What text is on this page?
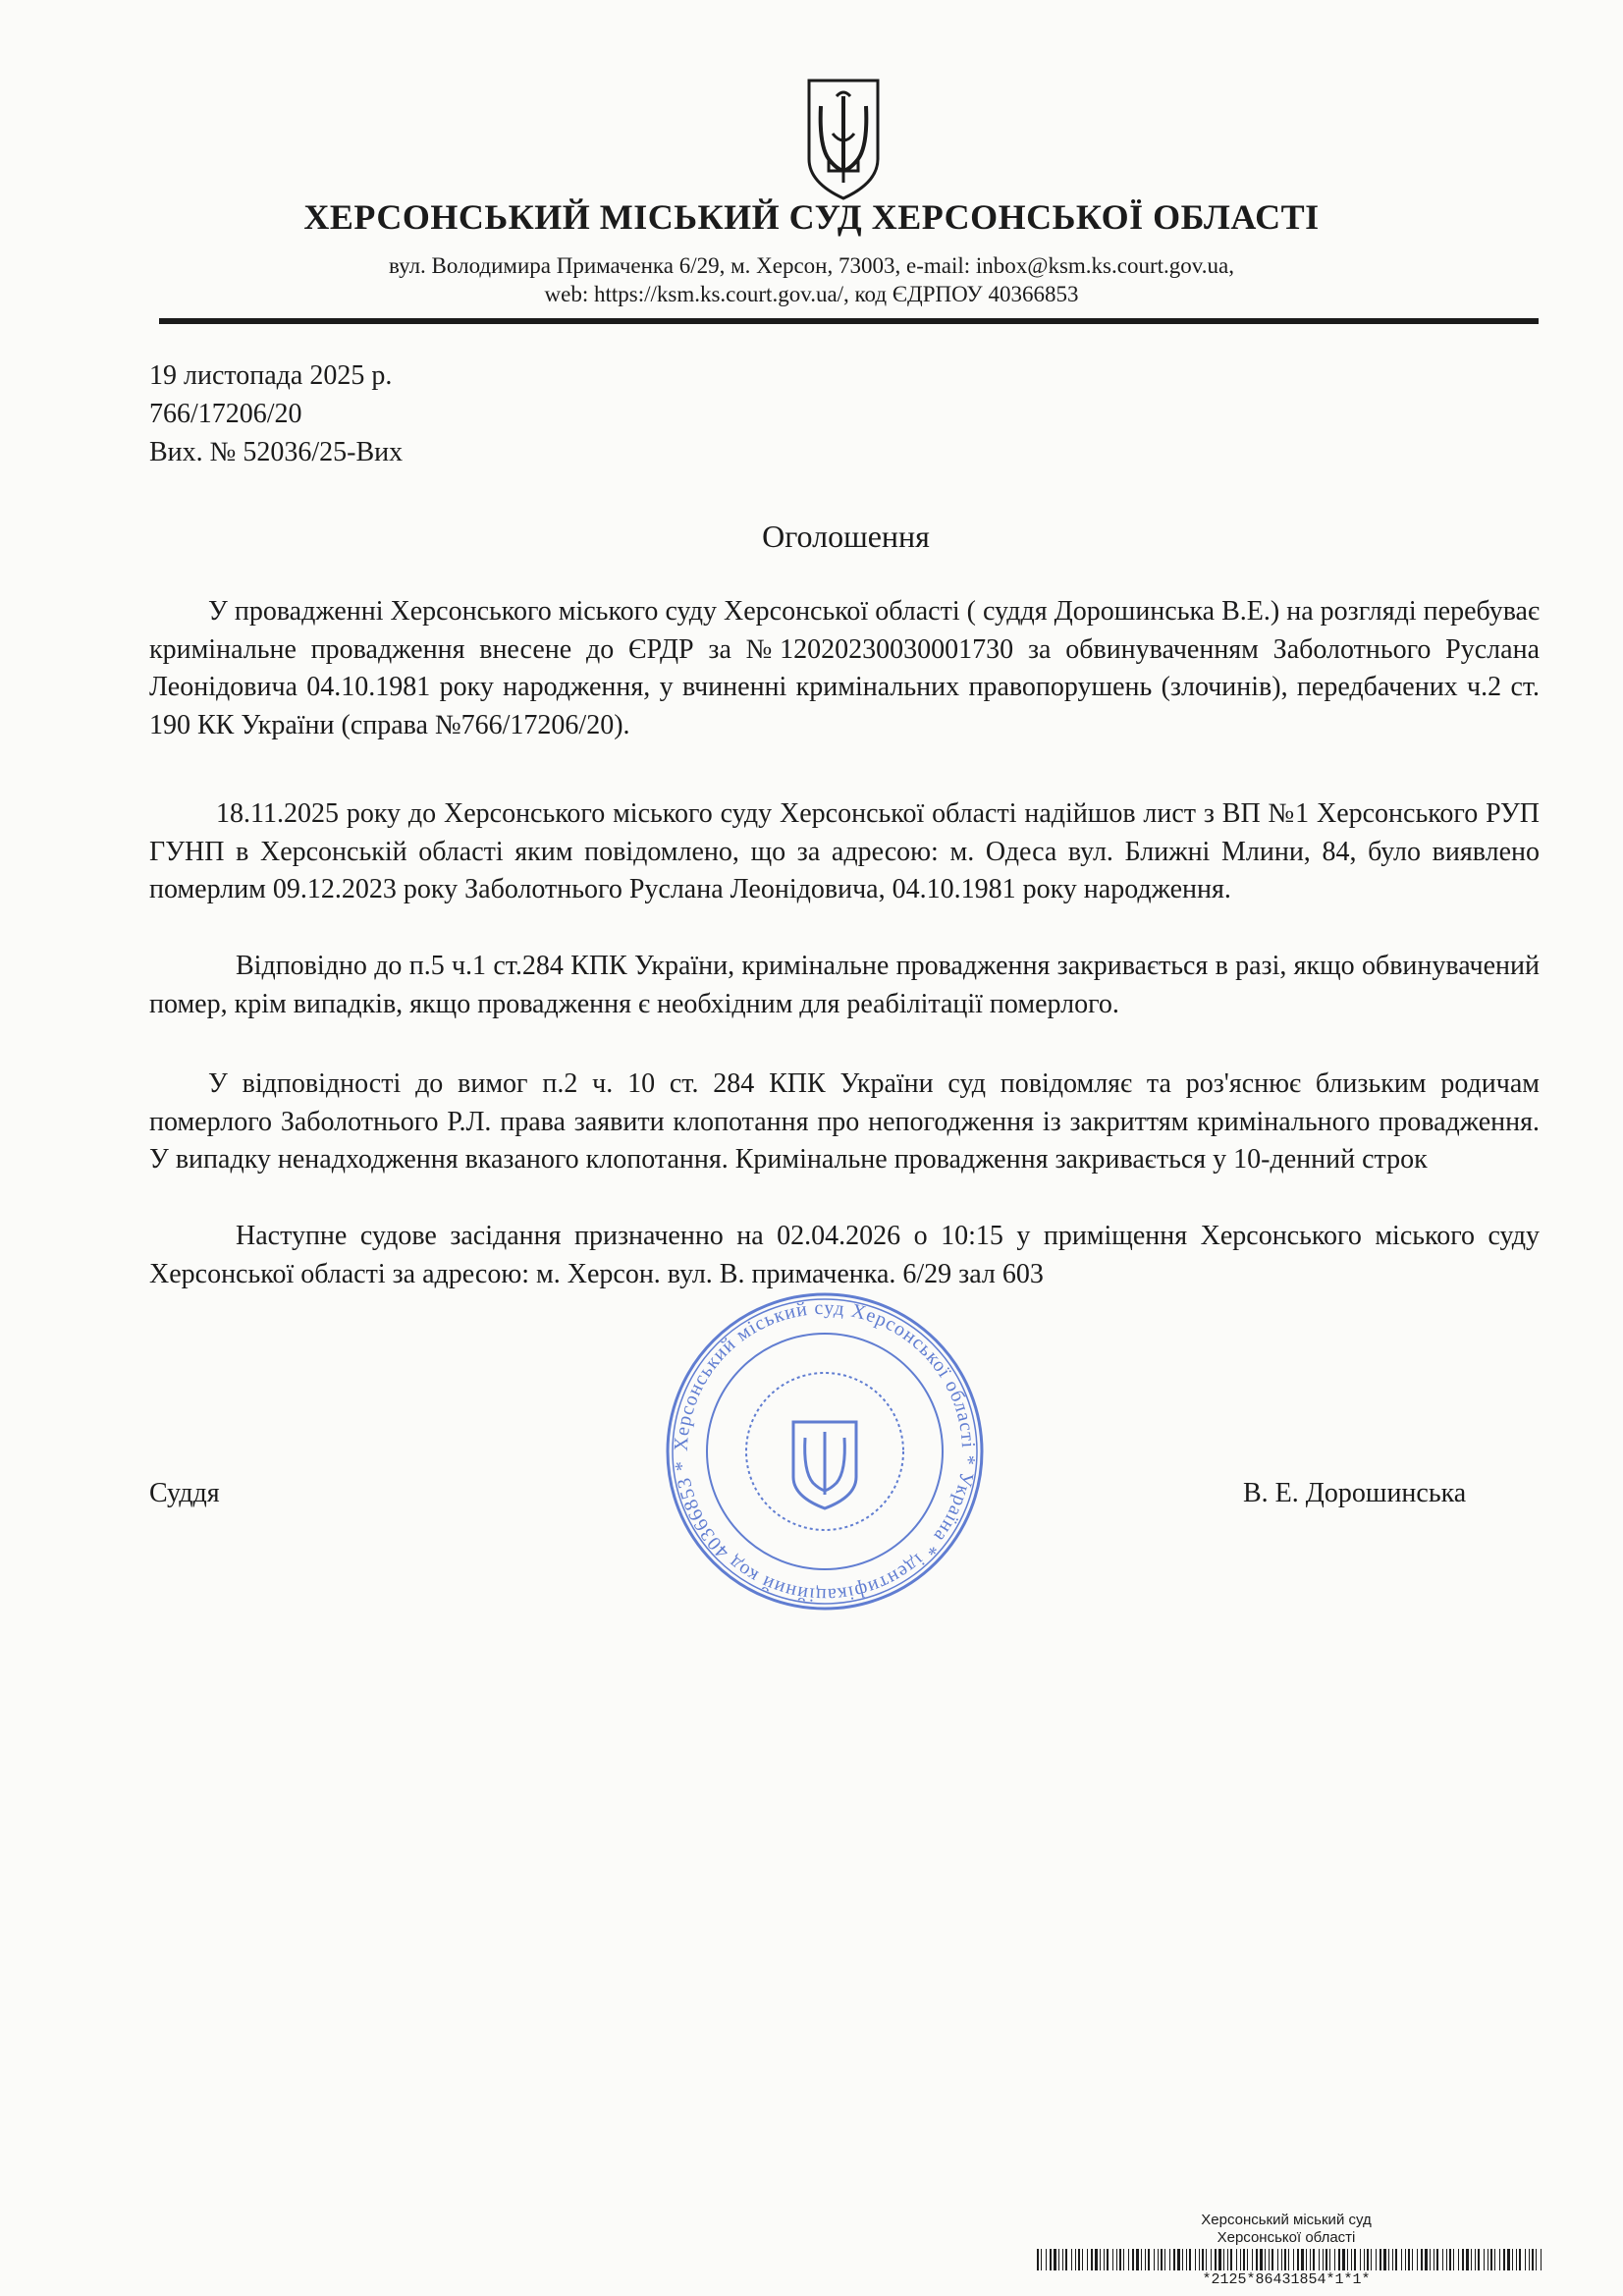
ХЕРСОНСЬКИЙ МІСЬКИЙ СУД ХЕРСОНСЬКОЇ ОБЛАСТІ
вул. Володимира Примаченка 6/29, м. Херсон, 73003, e-mail: inbox@ksm.ks.court.gov.ua,
web: https://ksm.ks.court.gov.ua/, код ЄДРПОУ 40366853
19 листопада 2025 р.
766/17206/20
Вих. № 52036/25-Вих
Оголошення

У провадженні Херсонського міського суду Херсонської області ( суддя Дорошинська В.Е.) на розгляді перебуває кримінальне провадження внесене до ЄРДР за №12020230030001730 за обвинуваченням Заболотнього Руслана Леонідовича 04.10.1981 року народження, у вчиненні кримінальних правопорушень (злочинів), передбачених ч.2 ст. 190 КК України (справа №766/17206/20).

18.11.2025 року до Херсонського міського суду Херсонської області надійшов лист з ВП №1 Херсонського РУП ГУНП в Херсонській області яким повідомлено, що за адресою: м. Одеса вул. Ближні Млини, 84, було виявлено померлим 09.12.2023 року Заболотнього Руслана Леонідовича, 04.10.1981 року народження.

Відповідно до п.5 ч.1 ст.284 КПК України, кримінальне провадження закривається в разі, якщо обвинувачений помер, крім випадків, якщо провадження є необхідним для реабілітації померлого.

У відповідності до вимог п.2 ч. 10 ст. 284 КПК України суд повідомляє та роз'яснює близьким родичам померлого Заболотнього Р.Л. права заявити клопотання про непогодження із закриттям кримінального провадження. У випадку ненадходження вказаного клопотання. Кримінальне провадження закривається у 10-денний строк

Наступне судове засідання призначенно на 02.04.2026 о 10:15 у приміщення Херсонського міського суду Херсонської області за адресою: м. Херсон. вул. В. примаченка. 6/29 зал 603

Херсонський міський суд Херсонської області * Україна * ідентифікаційний код 40366853 *
Суддя	В. Е. Дорошинська
Херсонський міський суд
Херсонської області
*2125*86431854*1*1*
